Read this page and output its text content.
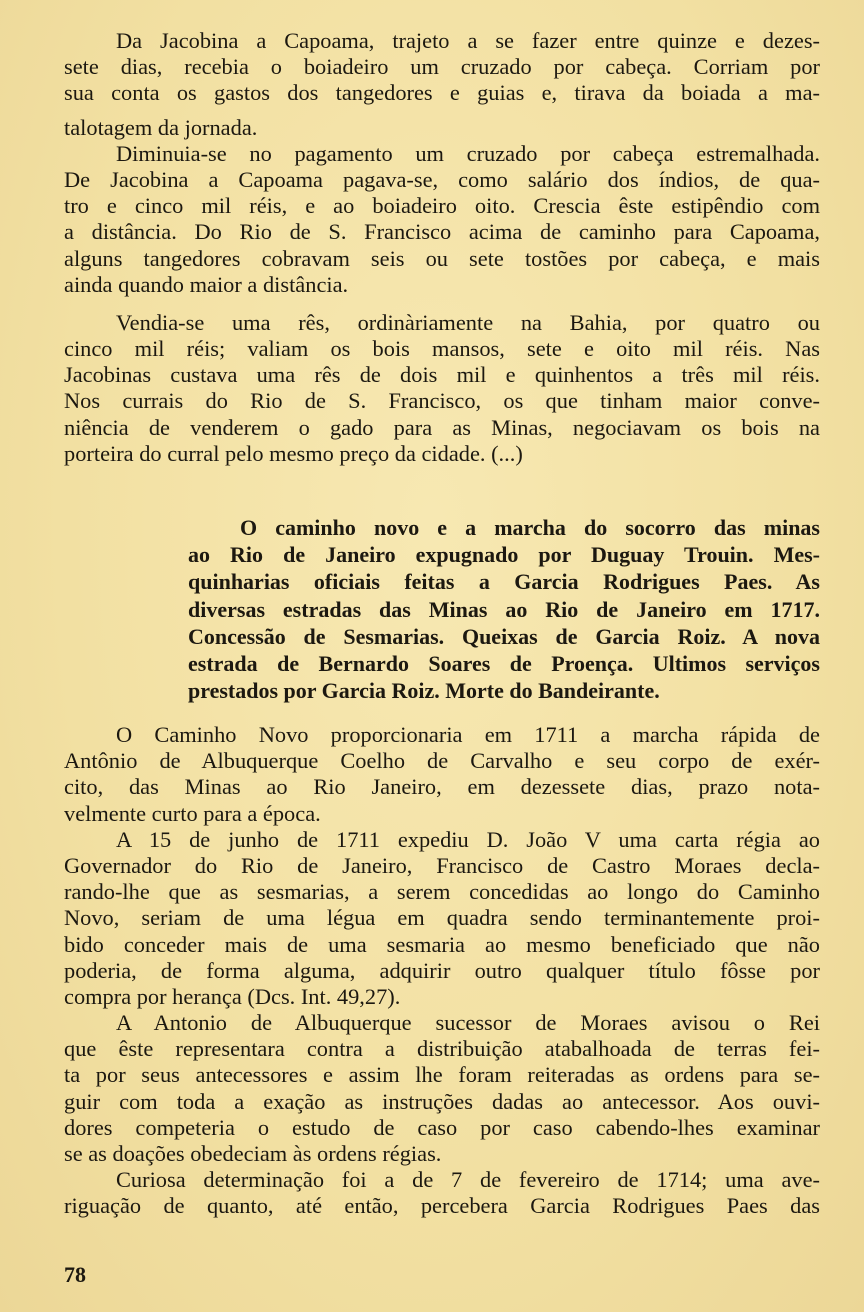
Da Jacobina a Capoama, trajeto a se fazer entre quinze e dezes-
sete dias, recebia o boiadeiro um cruzado por cabeça. Corriam por
sua conta os gastos dos tangedores e guias e, tirava da boiada a ma-
talotagem da jornada.
Diminuia-se no pagamento um cruzado por cabeça estremalhada.
De Jacobina a Capoama pagava-se, como salário dos índios, de qua-
tro e cinco mil réis, e ao boiadeiro oito. Crescia êste estipêndio com
a distância. Do Rio de S. Francisco acima de caminho para Capoama,
alguns tangedores cobravam seis ou sete tostões por cabeça, e mais
ainda quando maior a distância.
Vendia-se uma rês, ordinàriamente na Bahia, por quatro ou
cinco mil réis; valiam os bois mansos, sete e oito mil réis. Nas
Jacobinas custava uma rês de dois mil e quinhentos a três mil réis.
Nos currais do Rio de S. Francisco, os que tinham maior conve-
niência de venderem o gado para as Minas, negociavam os bois na
porteira do curral pelo mesmo preço da cidade. (...)
O caminho novo e a marcha do socorro das minas
ao Rio de Janeiro expugnado por Duguay Trouin. Mes-
quinharias oficiais feitas a Garcia Rodrigues Paes. As
diversas estradas das Minas ao Rio de Janeiro em 1717.
Concessão de Sesmarias. Queixas de Garcia Roiz. A nova
estrada de Bernardo Soares de Proença. Ultimos serviços
prestados por Garcia Roiz. Morte do Bandeirante.
O Caminho Novo proporcionaria em 1711 a marcha rápida de
Antônio de Albuquerque Coelho de Carvalho e seu corpo de exér-
cito, das Minas ao Rio Janeiro, em dezessete dias, prazo nota-
velmente curto para a época.
A 15 de junho de 1711 expediu D. João V uma carta régia ao
Governador do Rio de Janeiro, Francisco de Castro Moraes decla-
rando-lhe que as sesmarias, a serem concedidas ao longo do Caminho
Novo, seriam de uma légua em quadra sendo terminantemente proi-
bido conceder mais de uma sesmaria ao mesmo beneficiado que não
poderia, de forma alguma, adquirir outro qualquer título fôsse por
compra por herança (Dcs. Int. 49,27).
A Antonio de Albuquerque sucessor de Moraes avisou o Rei
que êste representara contra a distribuição atabalhoada de terras fei-
ta por seus antecessores e assim lhe foram reiteradas as ordens para se-
guir com toda a exação as instruções dadas ao antecessor. Aos ouvi-
dores competeria o estudo de caso por caso cabendo-lhes examinar
se as doações obedeciam às ordens régias.
Curiosa determinação foi a de 7 de fevereiro de 1714; uma ave-
riguação de quanto, até então, percebera Garcia Rodrigues Paes das
78
